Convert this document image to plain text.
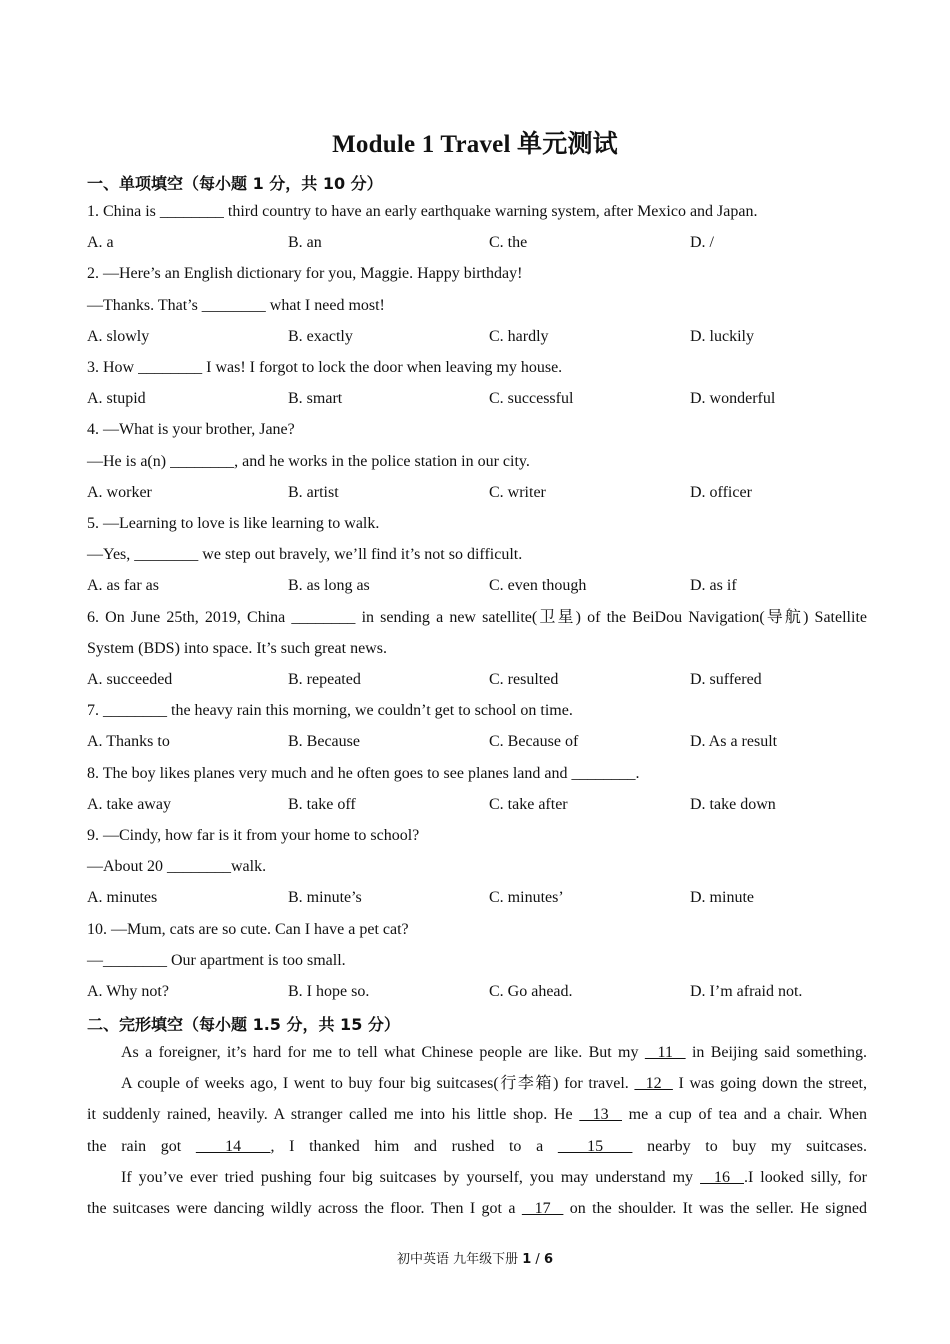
Module 1 Travel 单元测试
一、单项填空（每小题 1 分，共 10 分）
1. China is ________ third country to have an early earthquake warning system, after Mexico and Japan.
A. a	B. an	C. the	D. /
2. —Here’s an English dictionary for you, Maggie. Happy birthday!
—Thanks. That’s ________ what I need most!
A. slowly	B. exactly	C. hardly	D. luckily
3. How ________ I was! I forgot to lock the door when leaving my house.
A. stupid	B. smart	C. successful	D. wonderful
4. —What is your brother, Jane?
—He is a(n) ________, and he works in the police station in our city.
A. worker	B. artist	C. writer	D. officer
5. —Learning to love is like learning to walk.
—Yes, ________ we step out bravely, we’ll find it’s not so difficult.
A. as far as	B. as long as	C. even though	D. as if
6. On June 25th, 2019, China ________ in sending a new satellite(卫星) of the BeiDou Navigation(导航) Satellite
System (BDS) into space. It’s such great news.
A. succeeded	B. repeated	C. resulted	D. suffered
7. ________ the heavy rain this morning, we couldn’t get to school on time.
A. Thanks to	B. Because	C. Because of	D. As a result
8. The boy likes planes very much and he often goes to see planes land and ________.
A. take away	B. take off	C. take after	D. take down
9. —Cindy, how far is it from your home to school?
—About 20 ________walk.
A. minutes	B. minute’s	C. minutes’	D. minute
10. —Mum, cats are so cute. Can I have a pet cat?
—________ Our apartment is too small.
A. Why not?	B. I hope so.	C. Go ahead.	D. I’m afraid not.
二、完形填空（每小题 1.5 分，共 15 分）
As a foreigner, it’s hard for me to tell what Chinese people are like. But my   11   in Beijing said something.
A couple of weeks ago, I went to buy four big suitcases(行李箱) for travel.   12   I was going down the street,
it suddenly rained, heavily. A stranger called me into his little shop. He   13   me a cup of tea and a chair. When
the rain got   14  , I thanked him and rushed to a   15   nearby to buy my suitcases.
If you’ve ever tried pushing four big suitcases by yourself, you may understand my   16  .I looked silly, for
the suitcases were dancing wildly across the floor. Then I got a   17   on the shoulder. It was the seller. He signed
初中英语 九年级下册 1 / 6
